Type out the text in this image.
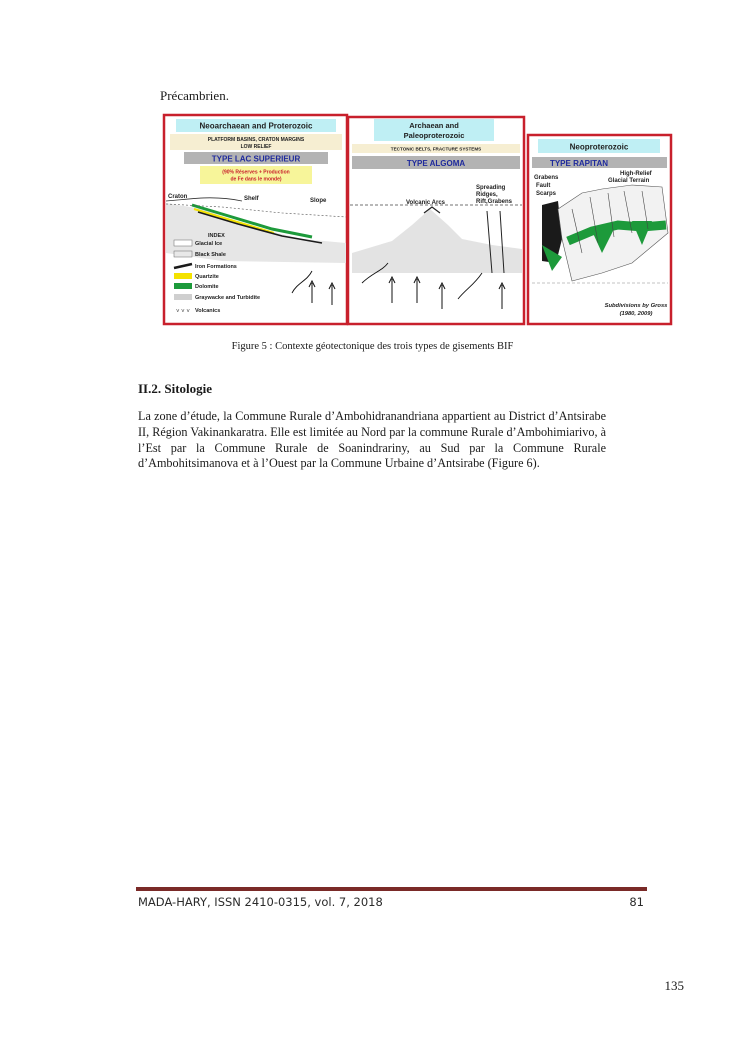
Précambrien.
Neoarchaean and Proterozoic
PLATFORM BASINS, CRATON MARGINS
LOW RELIEF
TYPE LAC SUPERIEUR
(90% Réserves + Production
de Fe dans le monde)
Craton	Shelf	Slope
INDEX
Glacial Ice
Black Shale
Iron Formations
Quartzite
Dolomite
Graywacke and Turbidite
˅ ˅ ˅ Volcanics
Archaean and
Paleoproterozoic
TECTONIC BELTS, FRACTURE SYSTEMS
TYPE ALGOMA
Volcanic Arcs
Spreading
Ridges,
Rift,Grabens
Neoproterozoic
TYPE RAPITAN
High-Relief
Glacial Terrain
Grabens
Fault
Scarps
Subdivisions by Gross
(1980, 2009)
Figure 5 : Contexte géotectonique des trois types de gisements BIF
II.2. Sitologie
La zone d’étude, la Commune Rurale d’Ambohidranandriana appartient au District d’Antsirabe II, Région Vakinankaratra. Elle est limitée au Nord par la commune Rurale d’Ambohimiarivo, à l’Est par la Commune Rurale de Soanindrariny, au Sud par la Commune Rurale d’Ambohitsimanova et à l’Ouest par la Commune Urbaine d’Antsirabe (Figure 6).
MADA-HARY, ISSN 2410-0315, vol. 7, 2018	81
135
